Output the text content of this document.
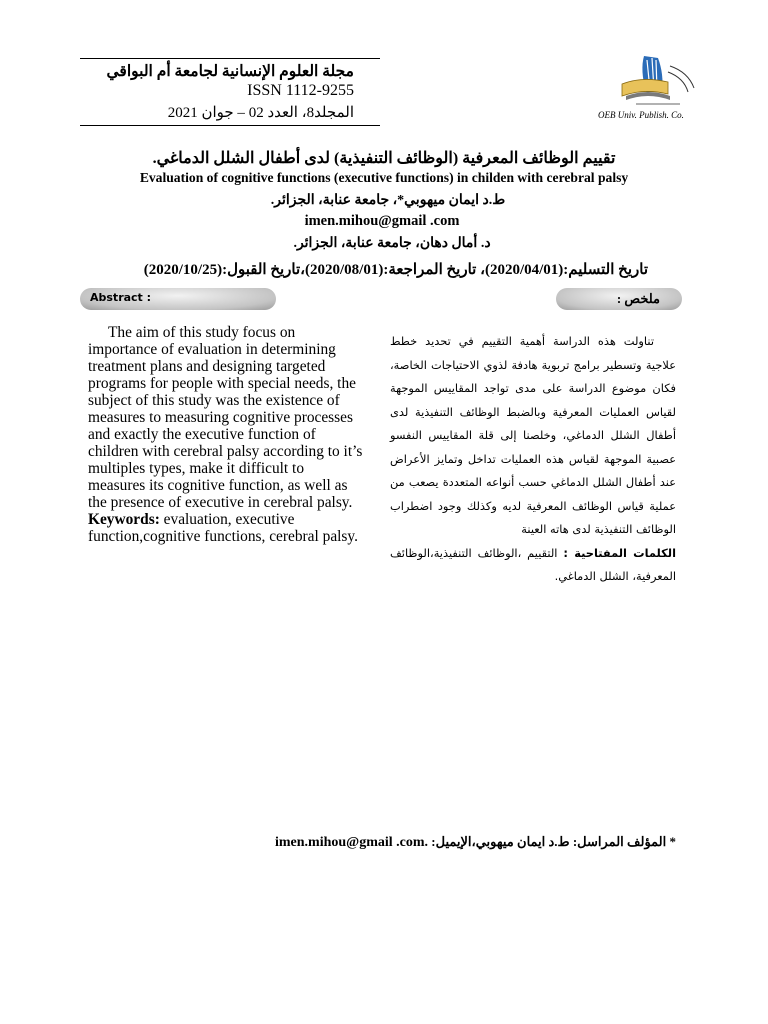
مجلة العلوم الإنسانية لجامعة أم البواقي
ISSN 1112-9255
المجلد8، العدد 02 – جوان 2021	OEB Univ. Publish. Co.
تقييم الوظائف المعرفية (الوظائف التنفيذية) لدى أطفال الشلل الدماغي.
Evaluation of cognitive functions (executive functions) in childen with cerebral palsy
ط.د ايمان ميهوبي*، جامعة عنابة، الجزائر.
imen.mihou@gmail .com
د. أمال دهان، جامعة عنابة، الجزائر.
تاريخ التسليم:(2020/04/01)، تاريخ المراجعة:(2020/08/01)،تاريخ القبول:(2020/10/25)
Abstract :	ملخص :

The aim of this study focus on importance of evaluation in determining treatment plans and designing targeted programs for people with special needs, the subject of this study was the existence of measures to measuring cognitive processes and exactly the executive function of children with cerebral palsy according to it’s multiples types, make it difficult to measures its cognitive function, as well as the presence of executive in cerebral palsy.

Keywords: evaluation, executive function,cognitive functions, cerebral palsy.

تناولت هذه الدراسة أهمية التقييم في تحديد خطط علاجية وتسطير برامج تربوية هادفة لذوي الاحتياجات الخاصة، فكان موضوع الدراسة على مدى تواجد المقاييس الموجهة لقياس العمليات المعرفية وبالضبط الوظائف التنفيذية لدى أطفال الشلل الدماغي، وخلصنا إلى قلة المقاييس النفسو عصبية الموجهة لقياس هذه العمليات تداخل وتمايز الأعراض عند أطفال الشلل الدماغي حسب أنواعه المتعددة يصعب من عملية قياس الوظائف المعرفية لديه وكذلك وجود اضطراب الوظائف التنفيذية لدى هاته العينة

الكلمات المفتاحية : التقييم ،الوظائف التنفيذية،الوظائف المعرفية، الشلل الدماغي.

* المؤلف المراسل: ط.د ايمان ميهوبي،الإيميل: imen.mihou@gmail .com.
